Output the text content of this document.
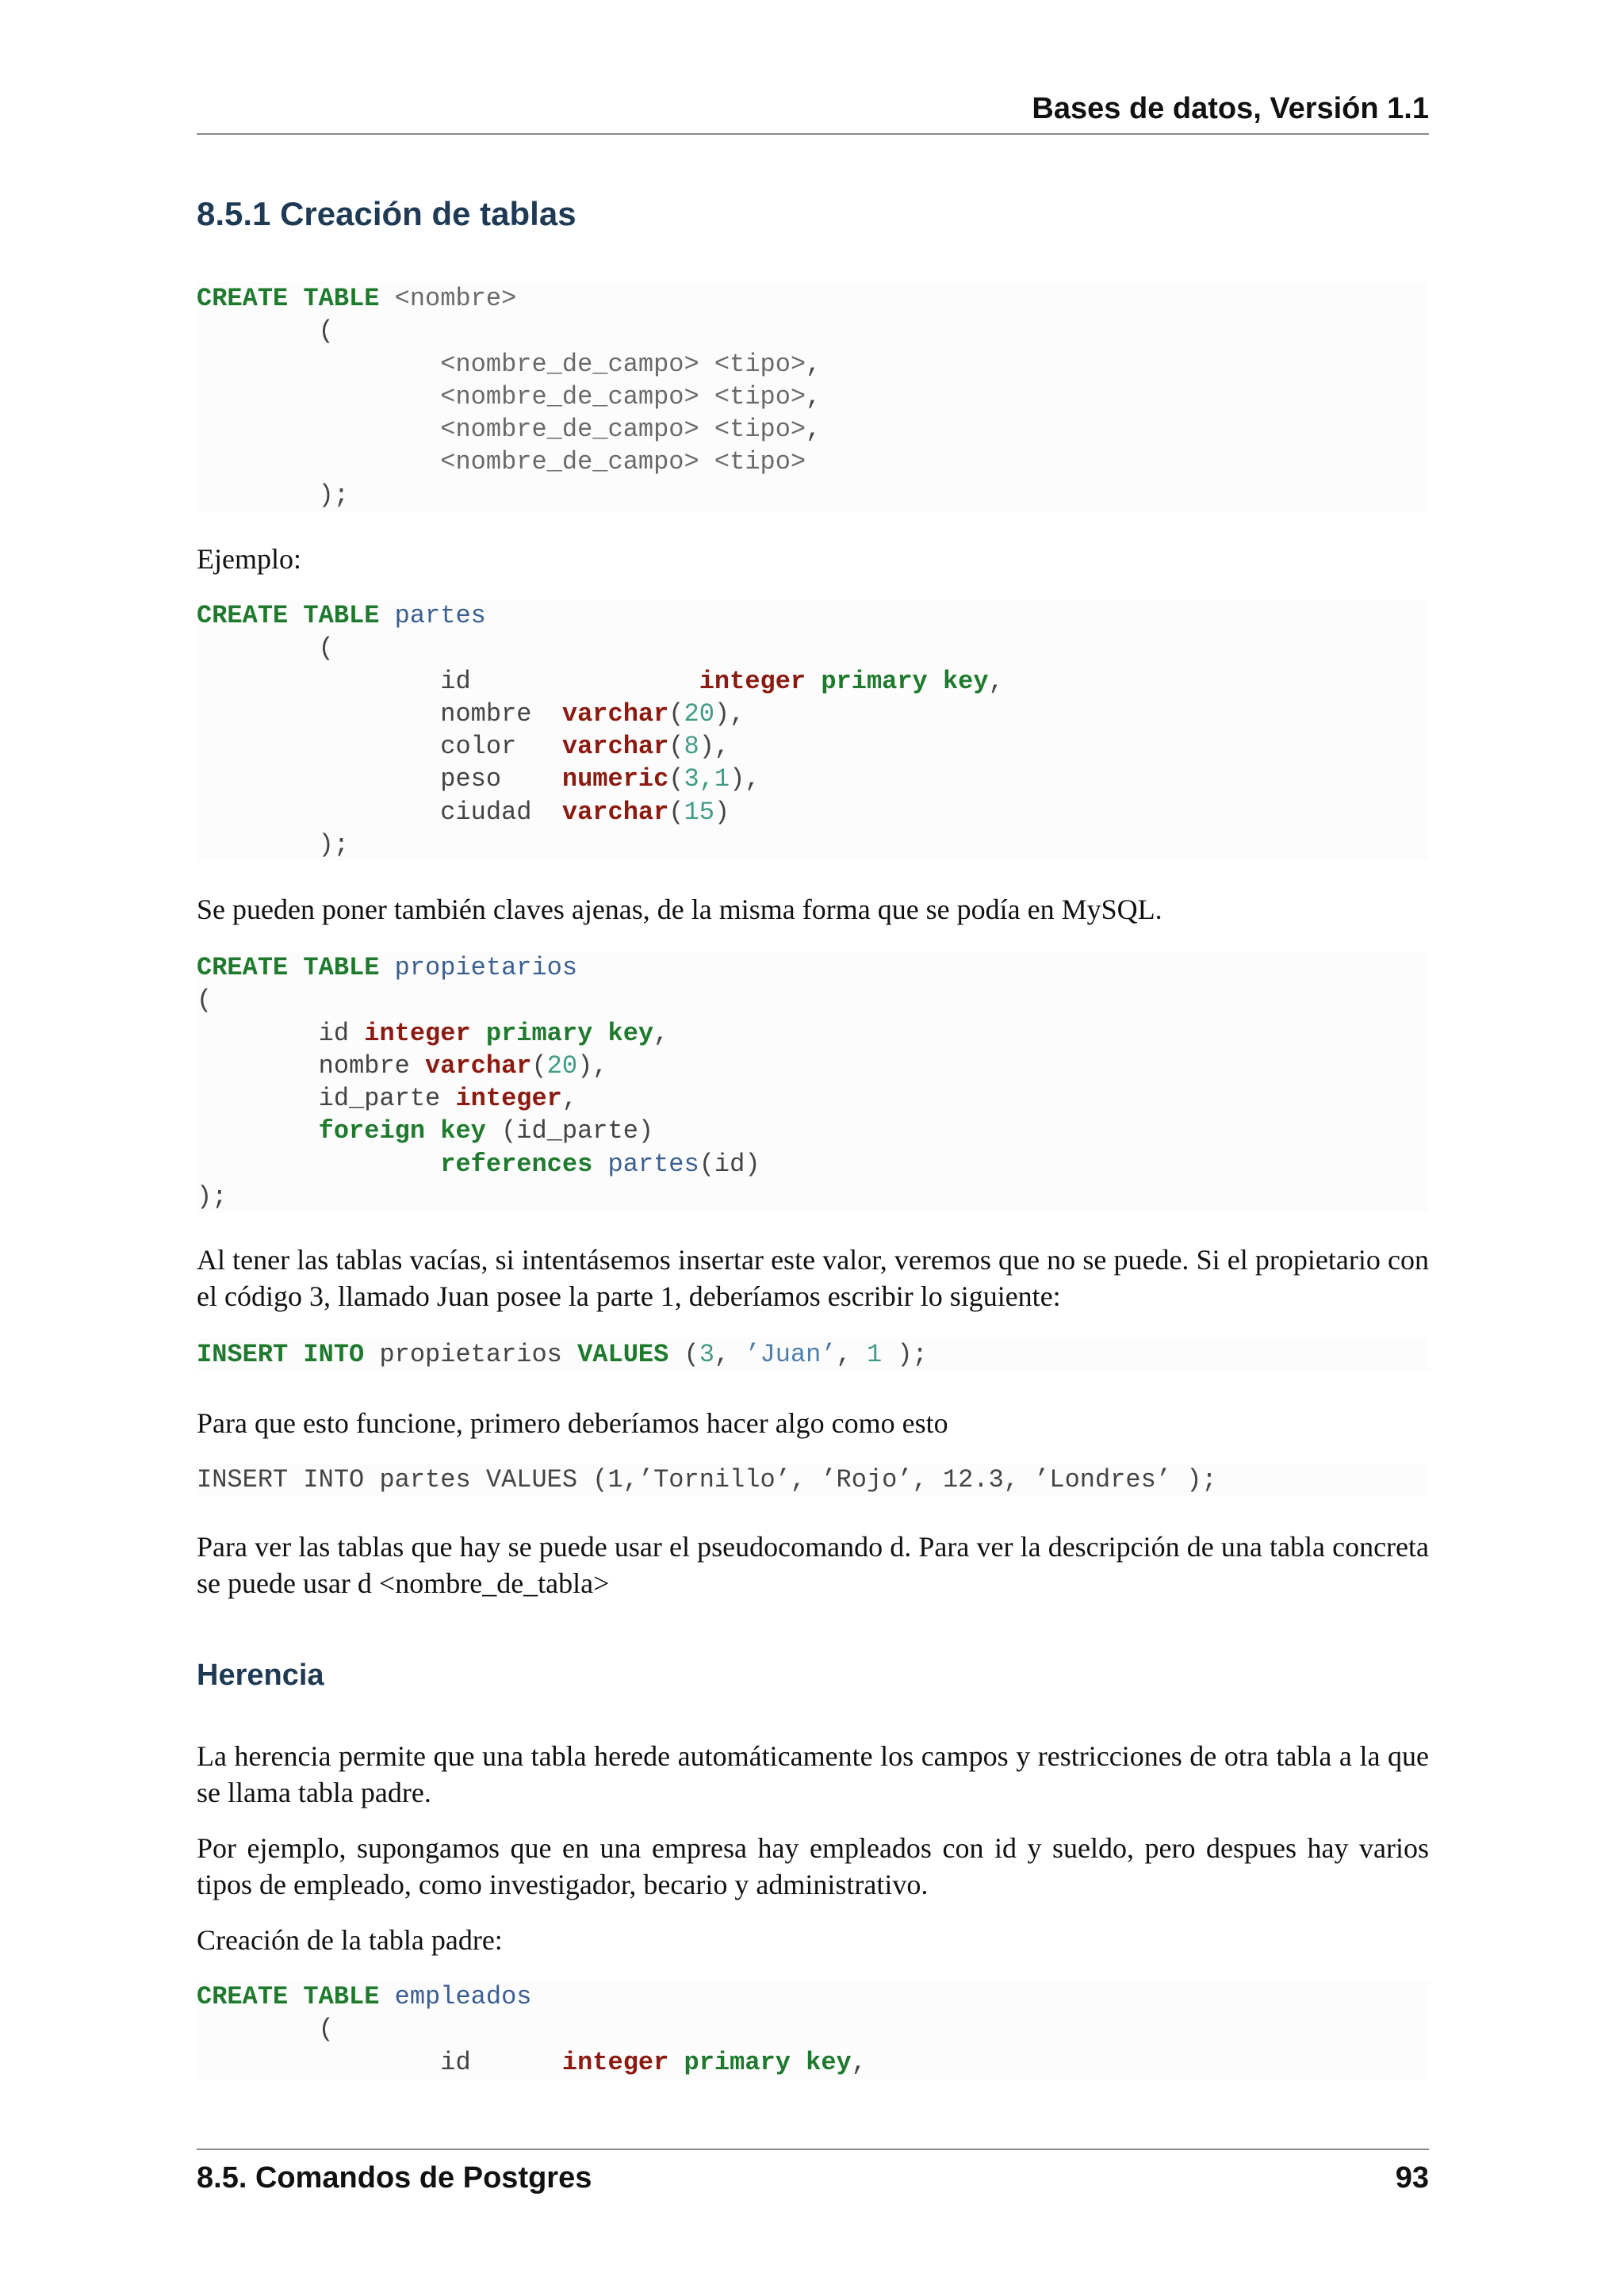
Bases de datos, Versión 1.1
8.5.1 Creación de tablas
CREATE TABLE <nombre>
(
<nombre_de_campo> <tipo>,
<nombre_de_campo> <tipo>,
<nombre_de_campo> <tipo>,
<nombre_de_campo> <tipo>
);

Ejemplo:

CREATE TABLE partes
(
id	integer primary key,
nombre varchar(20),
color varchar(8),
peso numeric(3,1),
ciudad varchar(15)
);

Se pueden poner también claves ajenas, de la misma forma que se podía en MySQL.

CREATE TABLE propietarios
(
id integer primary key,
nombre varchar(20),
id_parte integer,
foreign key (id_parte)
references partes(id)
);

Al tener las tablas vacías, si intentásemos insertar este valor, veremos que no se puede. Si el propietario con el código 3, llamado Juan posee la parte 1, deberíamos escribir lo siguiente:

INSERT INTO propietarios VALUES (3, ’Juan’, 1 );

Para que esto funcione, primero deberíamos hacer algo como esto

INSERT INTO partes VALUES (1,’Tornillo’, ’Rojo’, 12.3, ’Londres’ );

Para ver las tablas que hay se puede usar el pseudocomando d. Para ver la descripción de una tabla concreta se puede usar d <nombre_de_tabla>

Herencia

La herencia permite que una tabla herede automáticamente los campos y restricciones de otra tabla a la que se llama tabla padre.

Por ejemplo, supongamos que en una empresa hay empleados con id y sueldo, pero despues hay varios tipos de empleado, como investigador, becario y administrativo.

Creación de la tabla padre:

CREATE TABLE empleados
(
id	integer primary key,
8.5. Comandos de Postgres	93
